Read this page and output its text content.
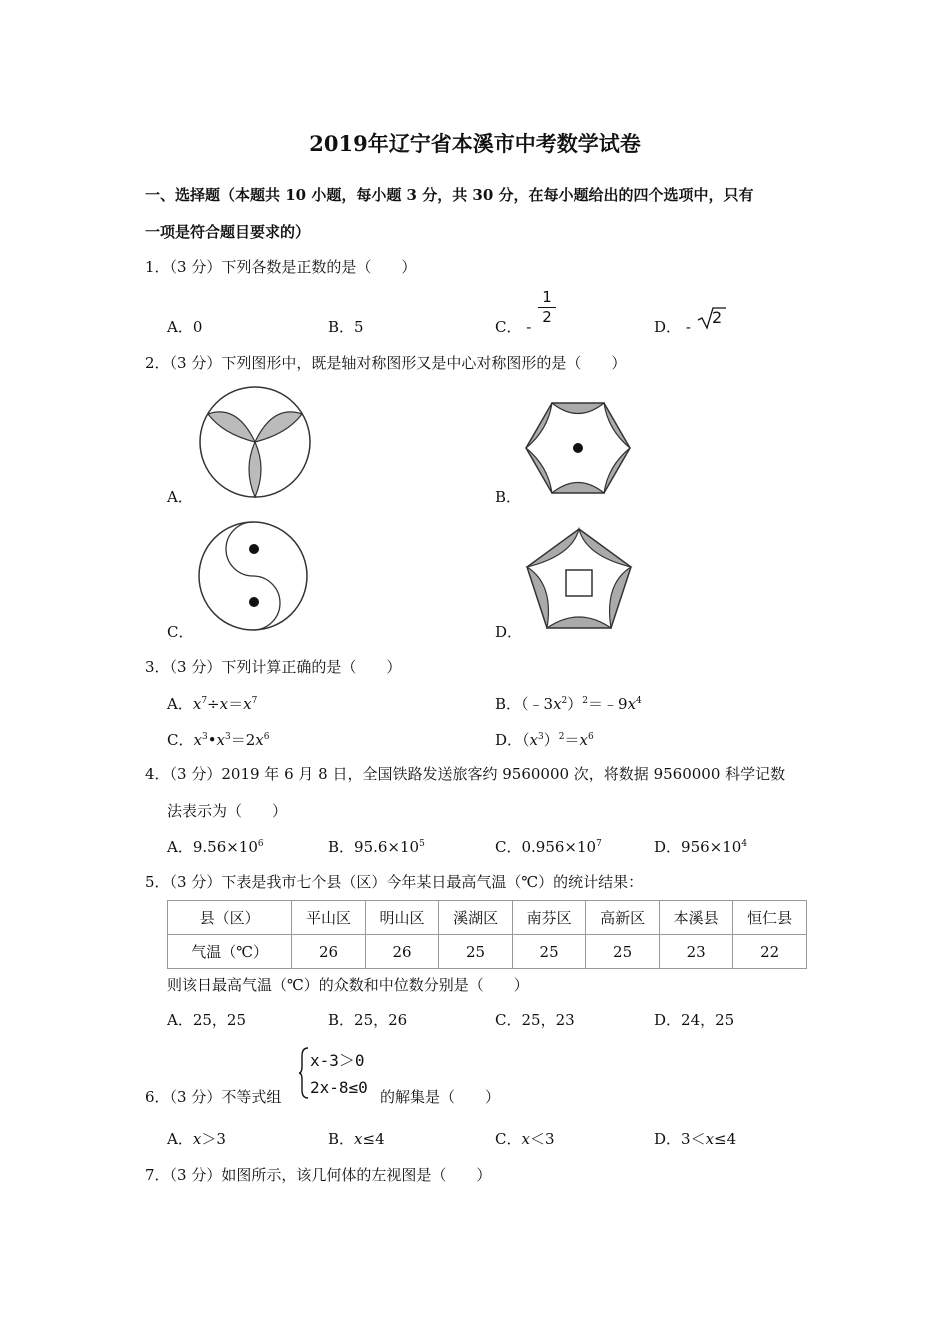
2019年辽宁省本溪市中考数学试卷
一、选择题（本题共 10 小题，每小题 3 分，共 30 分，在每小题给出的四个选项中，只有
一项是符合题目要求的）
1．（3 分）下列各数是正数的是（　　）
A．0	B．5	C． -
$\frac{1}{2}$
D． - 2
2．（3 分）下列图形中，既是轴对称图形又是中心对称图形的是（　　）
A．	B．
C．	D．
3．（3 分）下列计算正确的是（　　）
A．$x^7\div x=x^7$	B．$(﹣3x^2)^2=﹣9x^4$
C．$x^3•x^3=2x^6$	D．$(x^3)^2=x^6$
4．（3 分）2019 年 6 月 8 日，全国铁路发送旅客约 9560000 次，将数据 9560000 科学记数
法表示为（　　）
A．$9.56\times 10^6$	B．$95.6\times 10^5$	C．$0.956\times 10^7$	D．$956\times 10^4$
5．（3 分）下表是我市七个县（区）今年某日最高气温（℃）的统计结果：
县（区）	平山区	明山区	溪湖区	南芬区	高新区	本溪县	恒仁县
气温（℃）	26	26	25	25	25	23	22
则该日最高气温（℃）的众数和中位数分别是（　　）
A．25，25	B．25，26	C．25，23	D．24，25
6．（3 分）不等式组
x-3＞0
2x-8≤0 的解集是（　　）
A．x＞3	B．x≤4	C．x＜3	D．3＜x≤4
7．（3 分）如图所示，该几何体的左视图是（　　）
